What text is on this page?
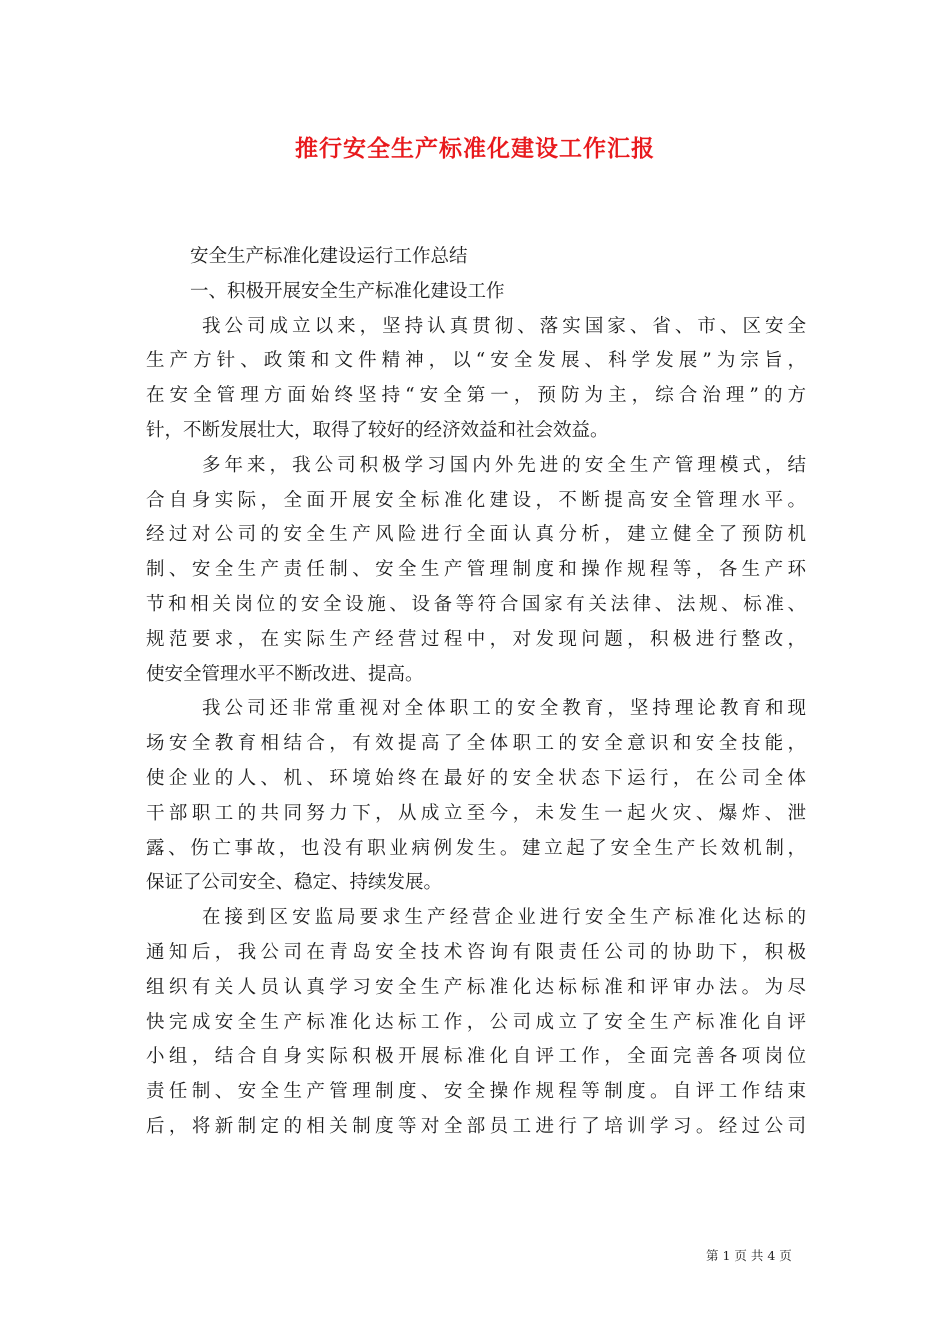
推行安全生产标准化建设工作汇报
安全生产标准化建设运行工作总结
一、积极开展安全生产标准化建设工作
我公司成立以来，坚持认真贯彻、落实国家、省、市、区安全
生产方针、政策和文件精神，以“安全发展、科学发展”为宗旨，
在安全管理方面始终坚持“安全第一，预防为主，综合治理”的方
针，不断发展壮大，取得了较好的经济效益和社会效益。
多年来，我公司积极学习国内外先进的安全生产管理模式，结
合自身实际，全面开展安全标准化建设，不断提高安全管理水平。
经过对公司的安全生产风险进行全面认真分析，建立健全了预防机
制、安全生产责任制、安全生产管理制度和操作规程等，各生产环
节和相关岗位的安全设施、设备等符合国家有关法律、法规、标准、
规范要求，在实际生产经营过程中，对发现问题，积极进行整改，
使安全管理水平不断改进、提高。
我公司还非常重视对全体职工的安全教育，坚持理论教育和现
场安全教育相结合，有效提高了全体职工的安全意识和安全技能，
使企业的人、机、环境始终在最好的安全状态下运行，在公司全体
干部职工的共同努力下，从成立至今，未发生一起火灾、爆炸、泄
露、伤亡事故，也没有职业病例发生。建立起了安全生产长效机制，
保证了公司安全、稳定、持续发展。
在接到区安监局要求生产经营企业进行安全生产标准化达标的
通知后，我公司在青岛安全技术咨询有限责任公司的协助下，积极
组织有关人员认真学习安全生产标准化达标标准和评审办法。为尽
快完成安全生产标准化达标工作，公司成立了安全生产标准化自评
小组，结合自身实际积极开展标准化自评工作，全面完善各项岗位
责任制、安全生产管理制度、安全操作规程等制度。自评工作结束
后，将新制定的相关制度等对全部员工进行了培训学习。经过公司
第 1 页 共 4 页
